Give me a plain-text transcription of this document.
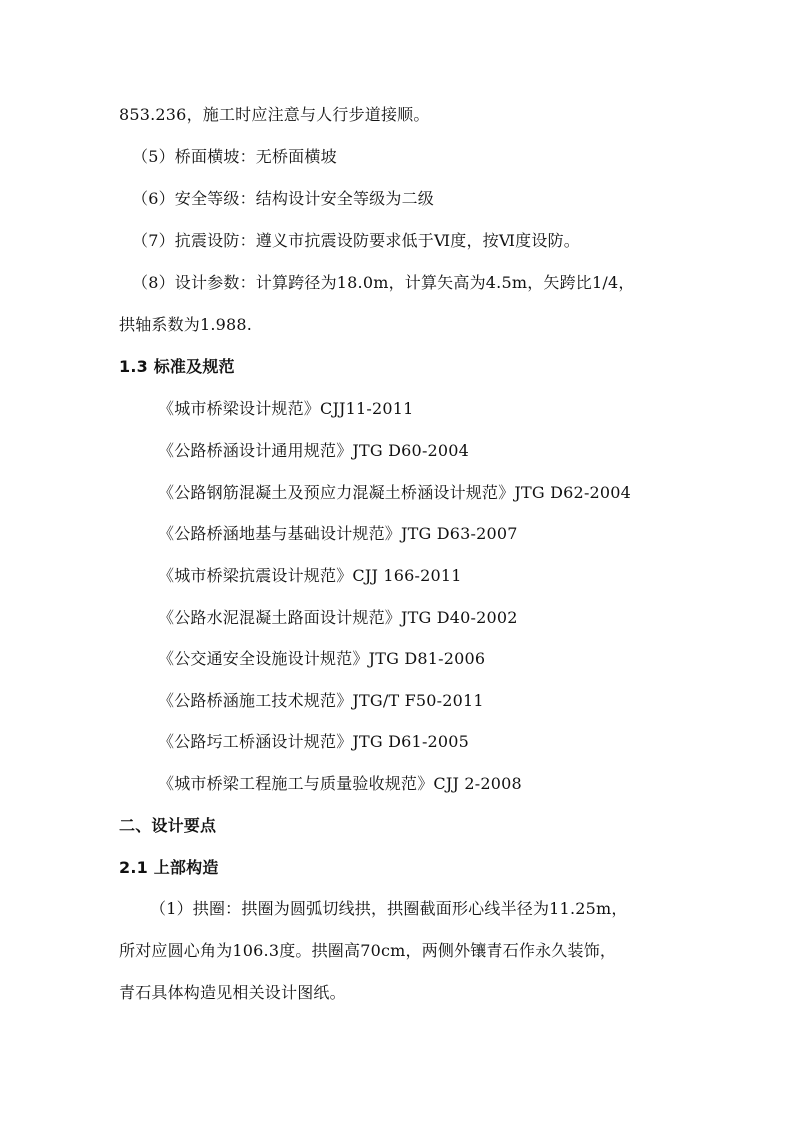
853.236，施工时应注意与人行步道接顺。
（5）桥面横坡：无桥面横坡
（6）安全等级：结构设计安全等级为二级
（7）抗震设防：遵义市抗震设防要求低于Ⅵ度，按Ⅵ度设防。
（8）设计参数：计算跨径为18.0m，计算矢高为4.5m，矢跨比1/4，
拱轴系数为1.988.
1.3 标准及规范
《城市桥梁设计规范》CJJ11-2011
《公路桥涵设计通用规范》JTG D60-2004
《公路钢筋混凝土及预应力混凝土桥涵设计规范》JTG D62-2004
《公路桥涵地基与基础设计规范》JTG D63-2007
《城市桥梁抗震设计规范》CJJ 166-2011
《公路水泥混凝土路面设计规范》JTG D40-2002
《公交通安全设施设计规范》JTG D81-2006
《公路桥涵施工技术规范》JTG/T F50-2011
《公路圬工桥涵设计规范》JTG D61-2005
《城市桥梁工程施工与质量验收规范》CJJ 2-2008
二、设计要点
2.1 上部构造
（1）拱圈：拱圈为圆弧切线拱，拱圈截面形心线半径为11.25m，
所对应圆心角为106.3度。拱圈高70cm，两侧外镶青石作永久装饰，
青石具体构造见相关设计图纸。
